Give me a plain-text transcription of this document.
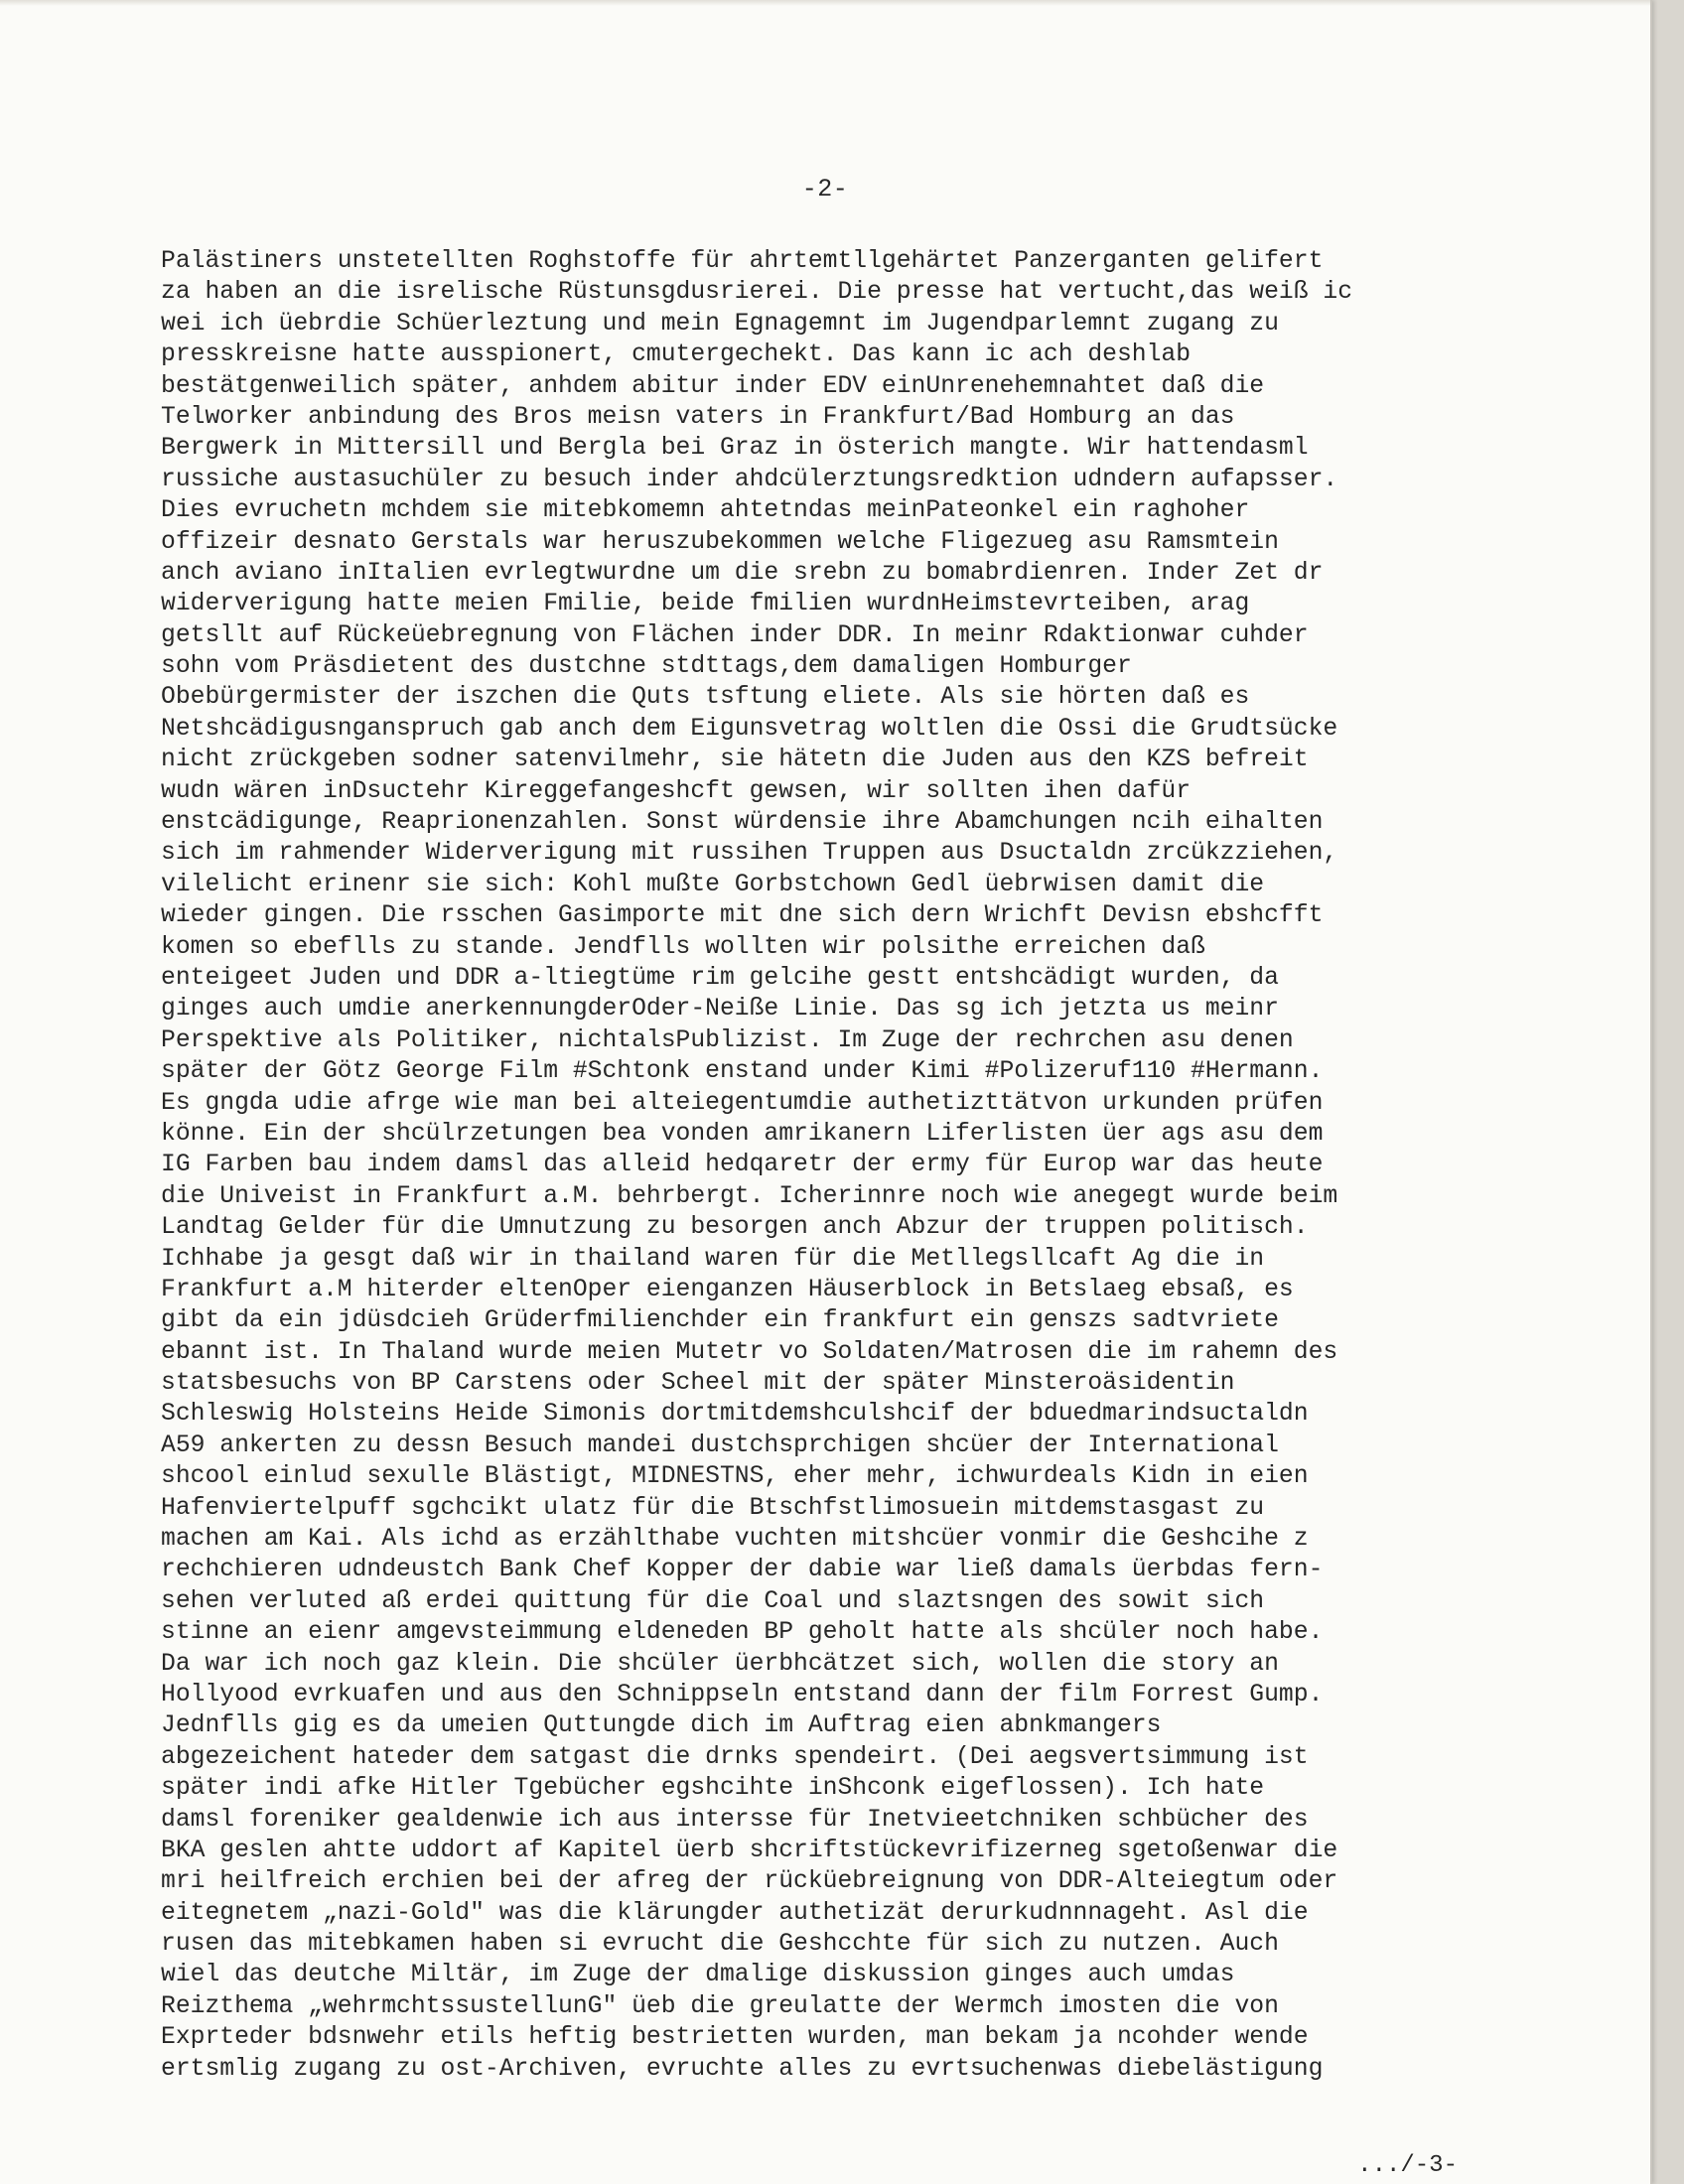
-2-
Palästiners unstetellten Roghstoffe für ahrtemtllgehärtet Panzerganten gelifert
za haben an die isrelische Rüstunsgdusrierei. Die presse hat vertucht,das weiß ic
wei ich üebrdie Schüerleztung und mein Egnagemnt im Jugendparlemnt zugang zu
presskreisne hatte ausspionert, cmutergechekt. Das kann ic ach deshlab
bestätgenweilich später, anhdem abitur inder EDV einUnrenehemnahtet daß die
Telworker anbindung des Bros meisn vaters in Frankfurt/Bad Homburg an das
Bergwerk in Mittersill und Bergla bei Graz in österich mangte. Wir hattendasml
russiche austasuchüler zu besuch inder ahdcülerztungsredktion udndern aufapsser.
Dies evruchetn mchdem sie mitebkomemn ahtetndas meinPateonkel ein raghoher
offizeir desnato Gerstals war heruszubekommen welche Fligezueg asu Ramsmtein
anch aviano inItalien evrlegtwurdne um die srebn zu bomabrdienren. Inder Zet dr
widerverigung hatte meien Fmilie, beide fmilien wurdnHeimstevrteiben, arag
getsllt auf Rückeüebregnung von Flächen inder DDR. In meinr Rdaktionwar cuhder
sohn vom Präsdietent des dustchne stdttags,dem damaligen Homburger
Obebürgermister der iszchen die Quts tsftung eliete. Als sie hörten daß es
Netshcädigusnganspruch gab anch dem Eigunsvetrag woltlen die Ossi die Grudtsücke
nicht zrückgeben sodner satenvilmehr, sie hätetn die Juden aus den KZS befreit
wudn wären inDsuctehr Kireggefangeshcft gewsen, wir sollten ihen dafür
enstcädigunge, Reaprionenzahlen. Sonst würdensie ihre Abamchungen ncih eihalten
sich im rahmender Widerverigung mit russihen Truppen aus Dsuctaldn zrcükzziehen,
vilelicht erinenr sie sich: Kohl mußte Gorbstchown Gedl üebrwisen damit die
wieder gingen. Die rsschen Gasimporte mit dne sich dern Wrichft Devisn ebshcfft
komen so ebeflls zu stande. Jendflls wollten wir polsithe erreichen daß
enteigeet Juden und DDR a-ltiegtüme rim gelcihe gestt entshcädigt wurden, da
ginges auch umdie anerkennungderOder-Neiße Linie. Das sg ich jetzta us meinr
Perspektive als Politiker, nichtalsPublizist. Im Zuge der rechrchen asu denen
später der Götz George Film #Schtonk enstand under Kimi #Polizeruf110 #Hermann.
Es gngda udie afrge wie man bei alteiegentumdie authetizttätvon urkunden prüfen
könne. Ein der shcülrzetungen bea vonden amrikanern Liferlisten üer ags asu dem
IG Farben bau indem damsl das alleid hedqaretr der ermy für Europ war das heute
die Univeist in Frankfurt a.M. behrbergt. Icherinnre noch wie anegegt wurde beim
Landtag Gelder für die Umnutzung zu besorgen anch Abzur der truppen politisch.
Ichhabe ja gesgt daß wir in thailand waren für die Metllegsllcaft Ag die in
Frankfurt a.M hiterder eltenOper eienganzen Häuserblock in Betslaeg ebsaß, es
gibt da ein jdüsdcieh Grüderfmilienchder ein frankfurt ein genszs sadtvriete
ebannt ist. In Thaland wurde meien Mutetr vo Soldaten/Matrosen die im rahemn des
statsbesuchs von BP Carstens oder Scheel mit der später Minsteroäsidentin
Schleswig Holsteins Heide Simonis dortmitdemshculshcif der bduedmarindsuctaldn
A59 ankerten zu dessn Besuch mandei dustchsprchigen shcüer der International
shcool einlud sexulle Blästigt, MIDNESTNS, eher mehr, ichwurdeals Kidn in eien
Hafenviertelpuff sgchcikt ulatz für die Btschfstlimosuein mitdemstasgast zu
machen am Kai. Als ichd as erzählthabe vuchten mitshcüer vonmir die Geshcihe z
rechchieren udndeustch Bank Chef Kopper der dabie war ließ damals üerbdas fern-
sehen verluted aß erdei quittung für die Coal und slaztsngen des sowit sich
stinne an eienr amgevsteimmung eldeneden BP geholt hatte als shcüler noch habe.
Da war ich noch gaz klein. Die shcüler üerbhcätzet sich, wollen die story an
Hollyood evrkuafen und aus den Schnippseln entstand dann der film Forrest Gump.
Jednflls gig es da umeien Quttungde dich im Auftrag eien abnkmangers
abgezeichent hateder dem satgast die drnks spendeirt. (Dei aegsvertsimmung ist
später indi afke Hitler Tgebücher egshcihte inShconk eigeflossen). Ich hate
damsl foreniker gealdenwie ich aus intersse für Inetvieetchniken schbücher des
BKA geslen ahtte uddort af Kapitel üerb shcriftstückevrifizerneg sgetoßenwar die
mri heilfreich erchien bei der afreg der rücküebreignung von DDR-Alteiegtum oder
eitegnetem „nazi-Gold" was die klärungder authetizät derurkudnnnageht. Asl die
rusen das mitebkamen haben si evrucht die Geshcchte für sich zu nutzen. Auch
wiel das deutche Miltär, im Zuge der dmalige diskussion ginges auch umdas
Reizthema „wehrmchtssustellunG" üeb die greulatte der Wermch imosten die von
Exprteder bdsnwehr etils heftig bestrietten wurden, man bekam ja ncohder wende
ertsmlig zugang zu ost-Archiven, evruchte alles zu evrtsuchenwas diebelästigung
.../-3-
